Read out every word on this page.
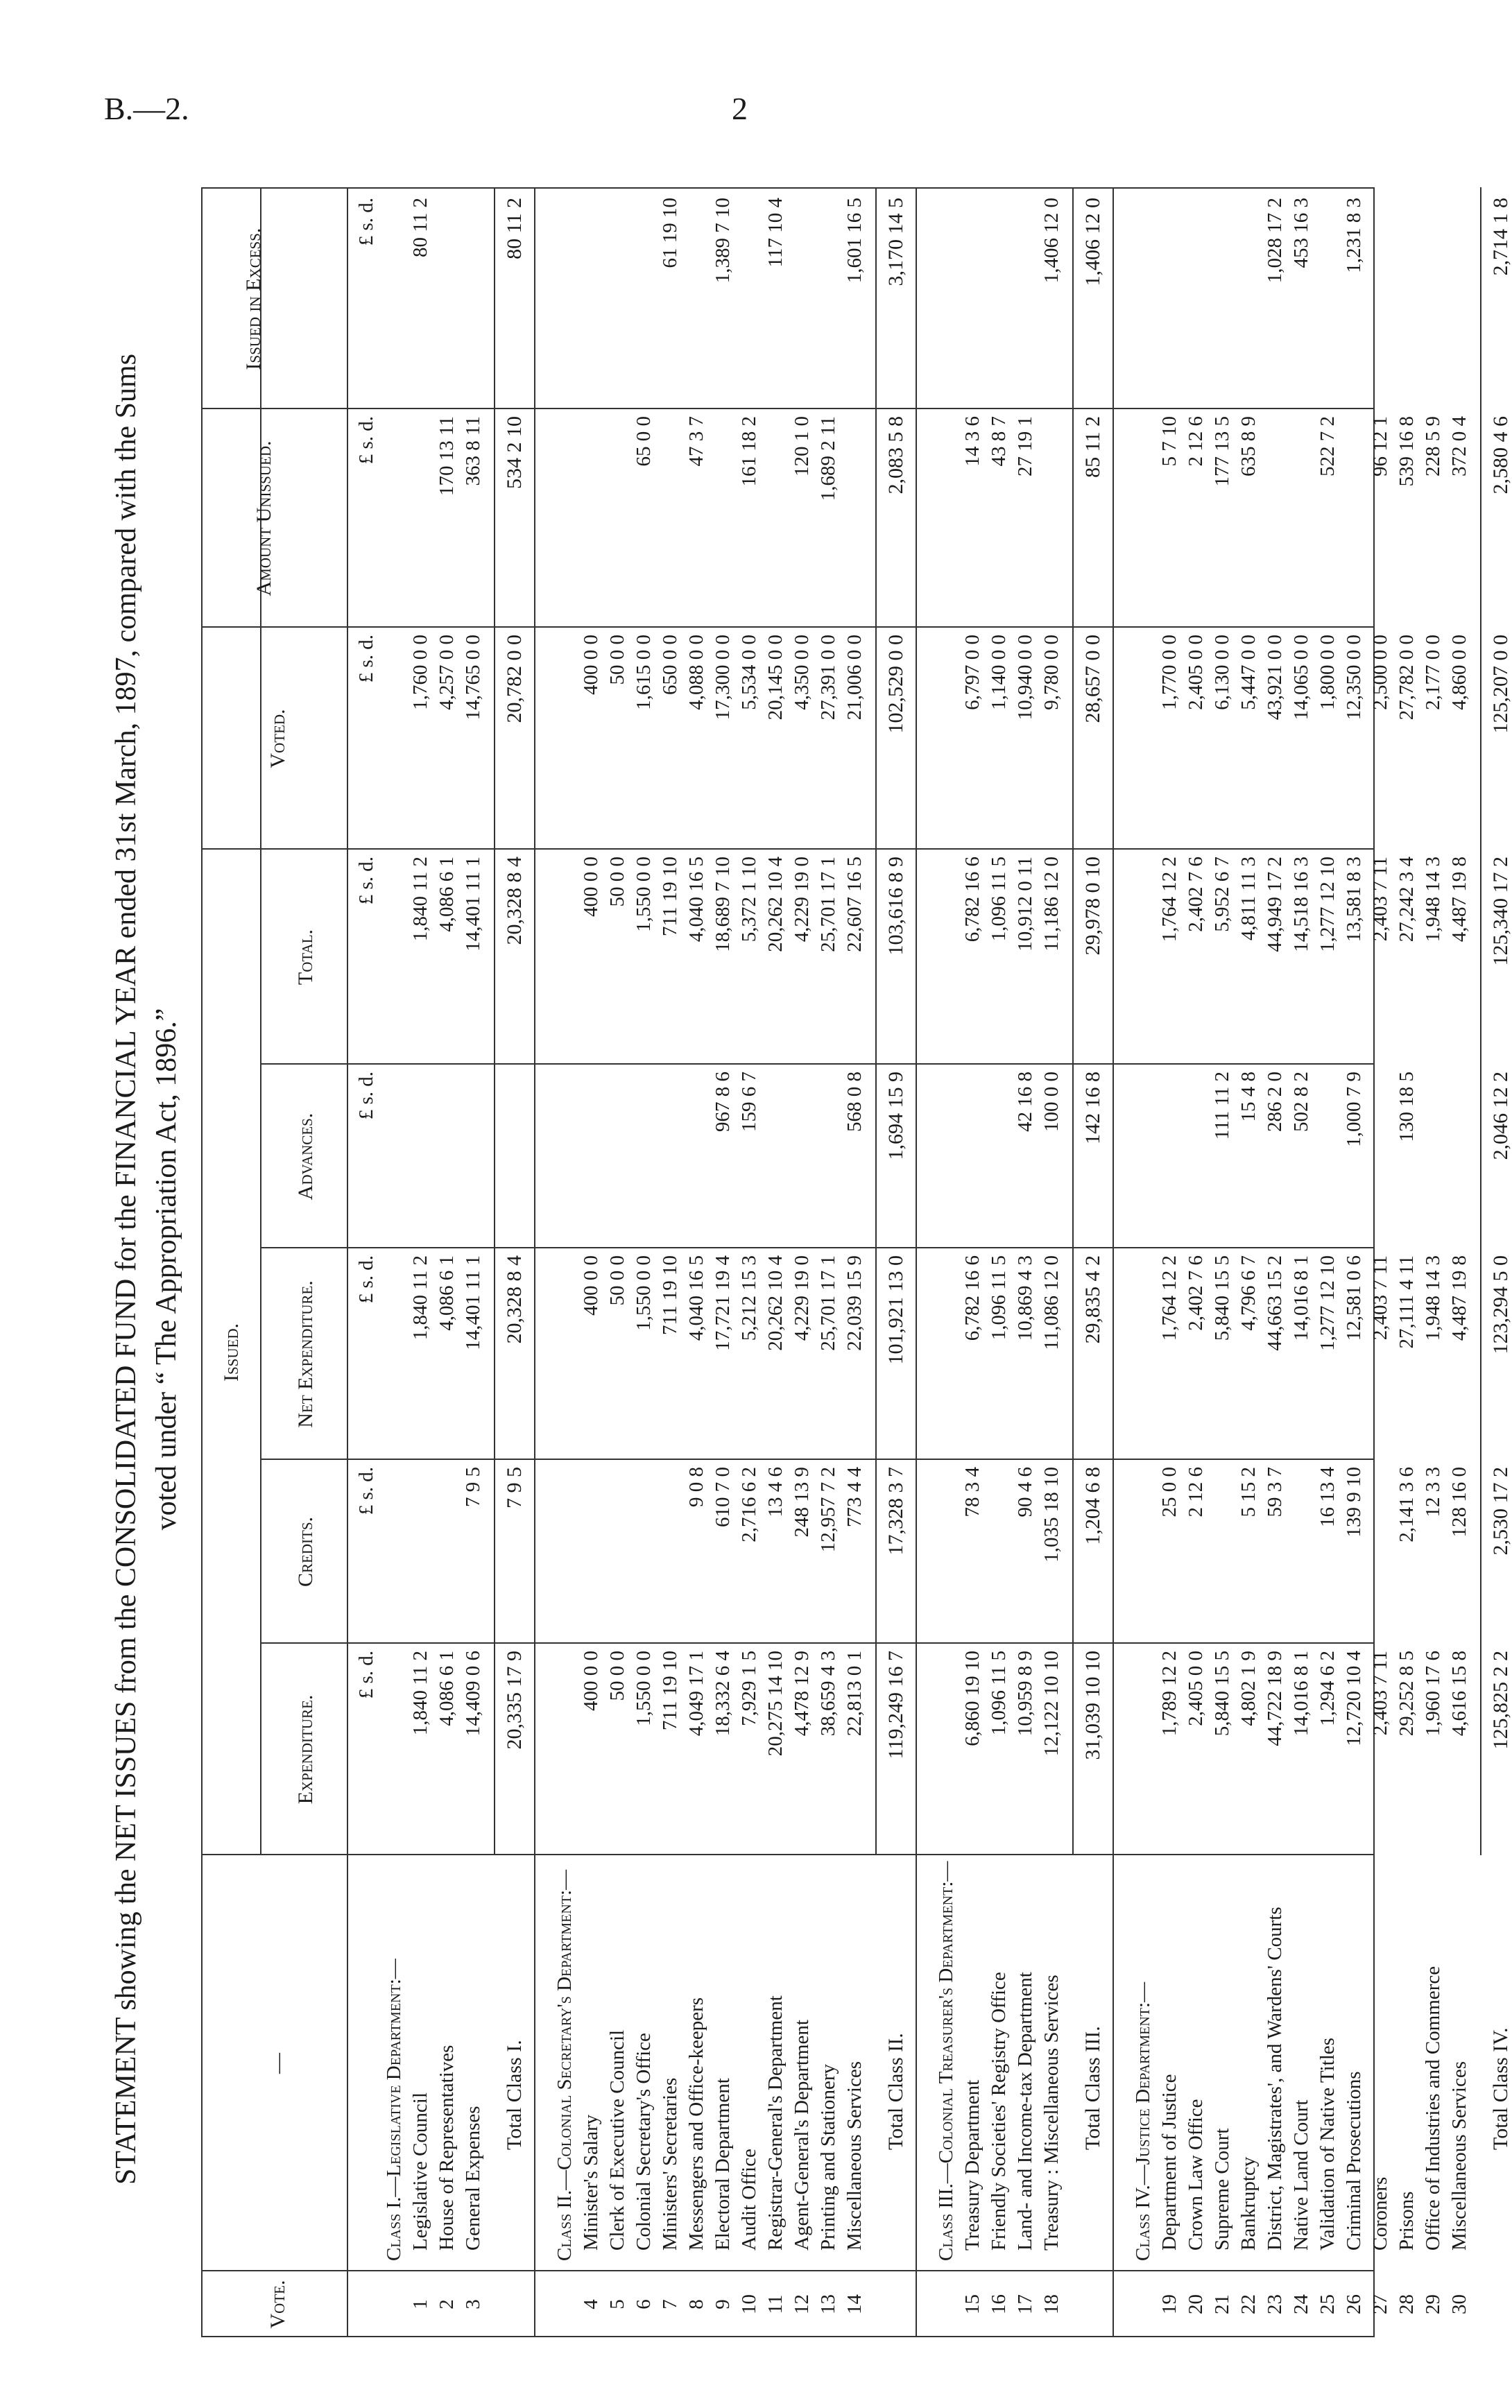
B.—2.	2
STATEMENT showing the NET ISSUES from the CONSOLIDATED FUND for the FINANCIAL YEAR ended 31st March, 1897, compared with the Sums voted under “ The Appropriation Act, 1896.”
Vote.
—
Issued.
Expenditure.
Credits.
Net Expenditure.
Advances.
Total.
Voted.
Amount Unissued.
Issued in Excess.
£ s. d.
£ s. d.
£ s. d.
£ s. d.
£ s. d.
£ s. d.
£ s. d.
£ s. d.
Class I.—Legislative Department:—
1
Legislative Council
1,840 11 2
1,840 11 2
1,840 11 2
1,760 0 0
80 11 2
2
House of Representatives
4,086 6 1
4,086 6 1
4,086 6 1
4,257 0 0
170 13 11
3
General Expenses
14,409 0 6
7 9 5
14,401 11 1
14,401 11 1
14,765 0 0
363 8 11
Total Class I.
20,335 17 9
7 9 5
20,328 8 4
20,328 8 4
20,782 0 0
534 2 10
80 11 2
Class II.—Colonial Secretary's Department:—
4
Minister's Salary
400 0 0
400 0 0
400 0 0
400 0 0
5
Clerk of Executive Council
50 0 0
50 0 0
50 0 0
50 0 0
6
Colonial Secretary's Office
1,550 0 0
1,550 0 0
1,550 0 0
1,615 0 0
65 0 0
7
Ministers' Secretaries
711 19 10
711 19 10
711 19 10
650 0 0
61 19 10
8
Messengers and Office-keepers
4,049 17 1
9 0 8
4,040 16 5
4,040 16 5
4,088 0 0
47 3 7
9
Electoral Department
18,332 6 4
610 7 0
17,721 19 4
967 8 6
18,689 7 10
17,300 0 0
1,389 7 10
10
Audit Office
7,929 1 5
2,716 6 2
5,212 15 3
159 6 7
5,372 1 10
5,534 0 0
161 18 2
11
Registrar-General's Department
20,275 14 10
13 4 6
20,262 10 4
20,262 10 4
20,145 0 0
117 10 4
12
Agent-General's Department
4,478 12 9
248 13 9
4,229 19 0
4,229 19 0
4,350 0 0
120 1 0
13
Printing and Stationery
38,659 4 3
12,957 7 2
25,701 17 1
25,701 17 1
27,391 0 0
1,689 2 11
14
Miscellaneous Services
22,813 0 1
773 4 4
22,039 15 9
568 0 8
22,607 16 5
21,006 0 0
1,601 16 5
Total Class II.
119,249 16 7
17,328 3 7
101,921 13 0
1,694 15 9
103,616 8 9
102,529 0 0
2,083 5 8
3,170 14 5
Class III.—Colonial Treasurer's Department:—
15
Treasury Department
6,860 19 10
78 3 4
6,782 16 6
6,782 16 6
6,797 0 0
14 3 6
16
Friendly Societies' Registry Office
1,096 11 5
1,096 11 5
1,096 11 5
1,140 0 0
43 8 7
17
Land- and Income-tax Department
10,959 8 9
90 4 6
10,869 4 3
42 16 8
10,912 0 11
10,940 0 0
27 19 1
18
Treasury : Miscellaneous Services
12,122 10 10
1,035 18 10
11,086 12 0
100 0 0
11,186 12 0
9,780 0 0
1,406 12 0
Total Class III.
31,039 10 10
1,204 6 8
29,835 4 2
142 16 8
29,978 0 10
28,657 0 0
85 11 2
1,406 12 0
Class IV.—Justice Department:—
19
Department of Justice
1,789 12 2
25 0 0
1,764 12 2
1,764 12 2
1,770 0 0
5 7 10
20
Crown Law Office
2,405 0 0
2 12 6
2,402 7 6
2,402 7 6
2,405 0 0
2 12 6
21
Supreme Court
5,840 15 5
5,840 15 5
111 11 2
5,952 6 7
6,130 0 0
177 13 5
22
Bankruptcy
4,802 1 9
5 15 2
4,796 6 7
15 4 8
4,811 11 3
5,447 0 0
635 8 9
23
District, Magistrates', and Wardens' Courts
44,722 18 9
59 3 7
44,663 15 2
286 2 0
44,949 17 2
43,921 0 0
1,028 17 2
24
Native Land Court
14,016 8 1
14,016 8 1
502 8 2
14,518 16 3
14,065 0 0
453 16 3
25
Validation of Native Titles
1,294 6 2
16 13 4
1,277 12 10
1,277 12 10
1,800 0 0
522 7 2
26
Criminal Prosecutions
12,720 10 4
139 9 10
12,581 0 6
1,000 7 9
13,581 8 3
12,350 0 0
1,231 8 3
27
Coroners
2,403 7 11
2,403 7 11
2,403 7 11
2,500 0 0
96 12 1
28
Prisons
29,252 8 5
2,141 3 6
27,111 4 11
130 18 5
27,242 3 4
27,782 0 0
539 16 8
29
Office of Industries and Commerce
1,960 17 6
12 3 3
1,948 14 3
1,948 14 3
2,177 0 0
228 5 9
30
Miscellaneous Services
4,616 15 8
128 16 0
4,487 19 8
4,487 19 8
4,860 0 0
372 0 4
Total Class IV.
125,825 2 2
2,530 17 2
123,294 5 0
2,046 12 2
125,340 17 2
125,207 0 0
2,580 4 6
2,714 1 8
